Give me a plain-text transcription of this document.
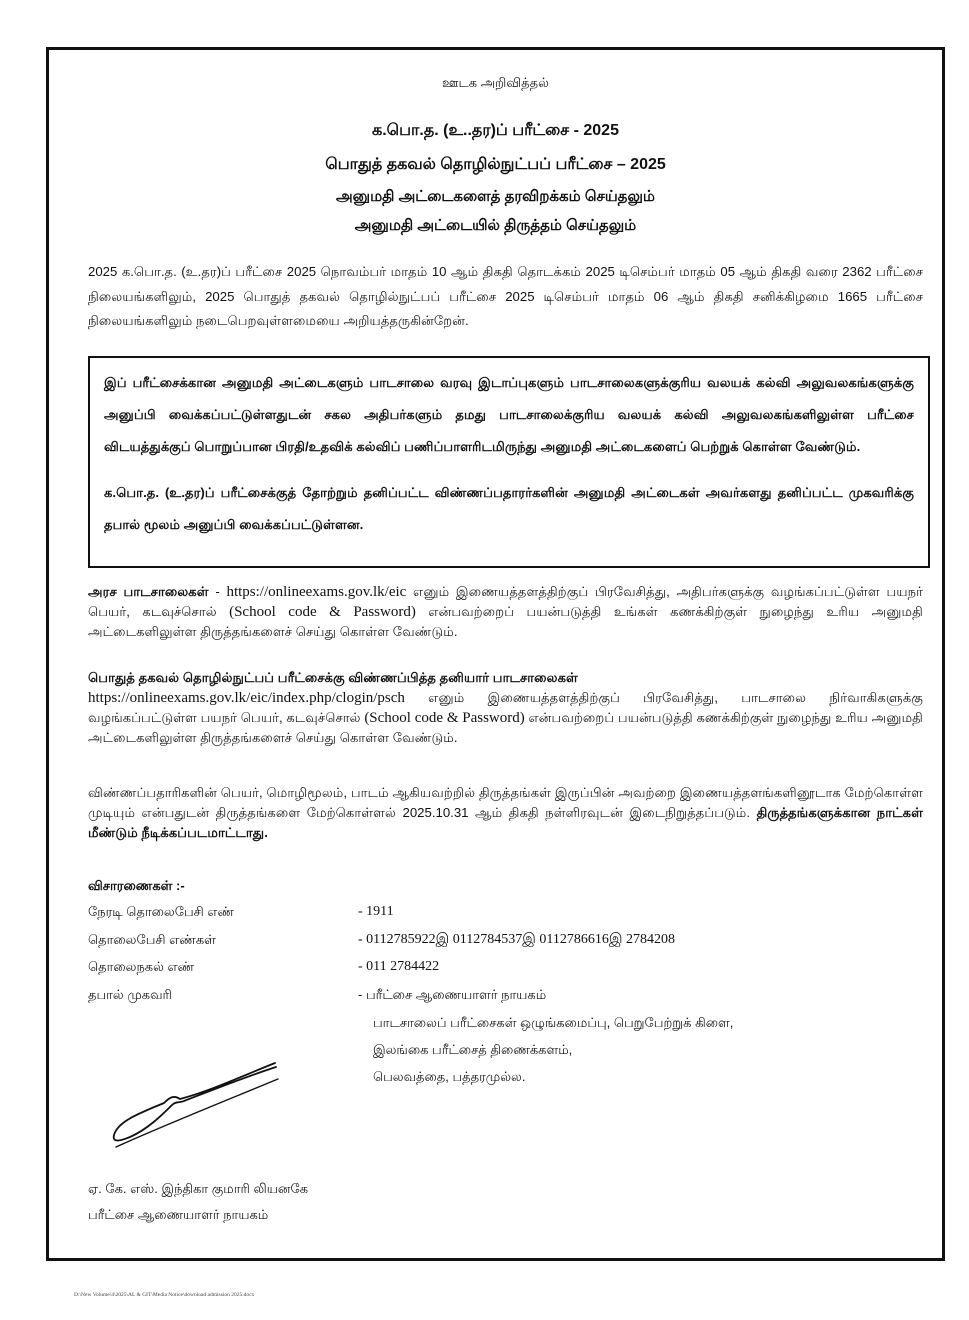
ஊடக அறிவித்தல்
க.பொ.த. (உ..தர)ப் பரீட்சை - 2025
பொதுத் தகவல் தொழில்நுட்பப் பரீட்சை – 2025
அனுமதி அட்டைகளைத் தரவிறக்கம் செய்தலும்
அனுமதி அட்டையில் திருத்தம் செய்தலும்
2025 க.பொ.த. (உ.தர)ப் பரீட்சை 2025 நொவம்பர் மாதம் 10 ஆம் திகதி தொடக்கம் 2025 டிசெம்பர் மாதம் 05 ஆம் திகதி வரை 2362 பரீட்சை நிலையங்களிலும், 2025 பொதுத் தகவல் தொழில்நுட்பப் பரீட்சை 2025 டிசெம்பர் மாதம் 06 ஆம் திகதி சனிக்கிழமை 1665 பரீட்சை நிலையங்களிலும் நடைபெறவுள்ளமையை அறியத்தருகின்றேன்.

இப் பரீட்சைக்கான அனுமதி அட்டைகளும் பாடசாலை வரவு இடாப்புகளும் பாடசாலைகளுக்குரிய வலயக் கல்வி அலுவலகங்களுக்கு அனுப்பி வைக்கப்பட்டுள்ளதுடன் சகல அதிபர்களும் தமது பாடசாலைக்குரிய வலயக் கல்வி அலுவலகங்களிலுள்ள பரீட்சை விடயத்துக்குப் பொறுப்பான பிரதி/உதவிக் கல்விப் பணிப்பாளரிடமிருந்து அனுமதி அட்டைகளைப் பெற்றுக் கொள்ள வேண்டும்.

க.பொ.த. (உ.தர)ப் பரீட்சைக்குத் தோற்றும் தனிப்பட்ட விண்ணப்பதாரர்களின் அனுமதி அட்டைகள் அவர்களது தனிப்பட்ட முகவரிக்கு தபால் மூலம் அனுப்பி வைக்கப்பட்டுள்ளன.

அரச பாடசாலைகள் - https://onlineexams.gov.lk/eic எனும் இணையத்தளத்திற்குப் பிரவேசித்து, அதிபர்களுக்கு வழங்கப்பட்டுள்ள பயநர் பெயர், கடவுச்சொல் (School code & Password) என்பவற்றைப் பயன்படுத்தி உங்கள் கணக்கிற்குள் நுழைந்து உரிய அனுமதி அட்டைகளிலுள்ள திருத்தங்களைச் செய்து கொள்ள வேண்டும்.
பொதுத் தகவல் தொழில்நுட்பப் பரீட்சைக்கு விண்ணப்பித்த தனியார் பாடசாலைகள்
https://onlineexams.gov.lk/eic/index.php/clogin/psch எனும் இணையத்தளத்திற்குப் பிரவேசித்து, பாடசாலை நிர்வாகிகளுக்கு வழங்கப்பட்டுள்ள பயநர் பெயர், கடவுச்சொல் (School code & Password) என்பவற்றைப் பயன்படுத்தி கணக்கிற்குள் நுழைந்து உரிய அனுமதி அட்டைகளிலுள்ள திருத்தங்களைச் செய்து கொள்ள வேண்டும்.
விண்ணப்பதாரிகளின் பெயர், மொழிமூலம், பாடம் ஆகியவற்றில் திருத்தங்கள் இருப்பின் அவற்றை இணையத்தளங்களினூடாக மேற்கொள்ள முடியும் என்பதுடன் திருத்தங்களை மேற்கொள்ளல் 2025.10.31 ஆம் திகதி நள்ளிரவுடன் இடைநிறுத்தப்படும். திருத்தங்களுக்கான நாட்கள் மீண்டும் நீடிக்கப்படமாட்டாது.
விசாரணைகள் :-
நேரடி தொலைபேசி எண்	- 1911
தொலைபேசி எண்கள்	- 0112785922இ 0112784537இ 0112786616இ 2784208
தொலைநகல் எண்	- 011 2784422
தபால் முகவரி	- பரீட்சை ஆணையாளர் நாயகம்
பாடசாலைப் பரீட்சைகள் ஒழுங்கமைப்பு, பெறுபேற்றுக் கிளை,
இலங்கை பரீட்சைத் திணைக்களம்,
பெலவத்தை, பத்தரமுல்ல.
ஏ. கே. எஸ். இந்திகா குமாரி லியனகே
பரீட்சை ஆணையாளர் நாயகம்
D:\New Volume\4\2025\AL & GIT\Media Notice\download admission 2025.docx
